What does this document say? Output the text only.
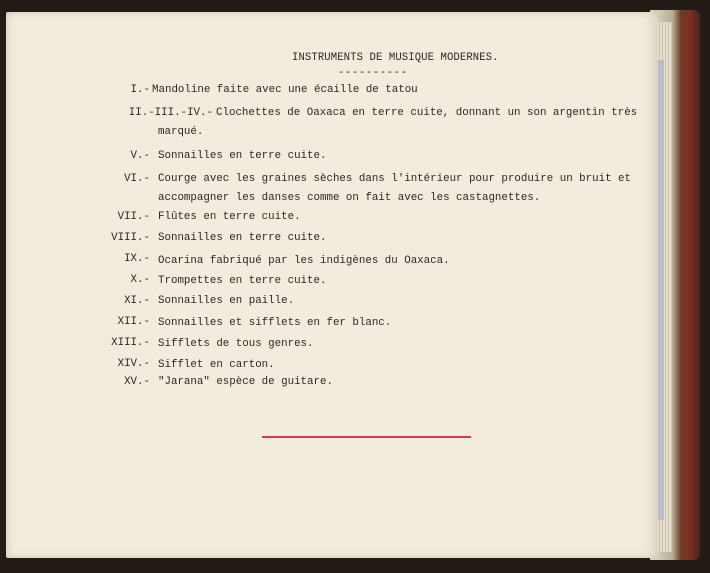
INSTRUMENTS DE MUSIQUE MODERNES.
----------
I.- Mandoline faite avec une écaille de tatou
II.-III.-IV.- Clochettes de Oaxaca en terre cuite, donnant un son argentin très
marqué.
V.- Sonnailles en terre cuite.
VI.- Courge avec les graines sèches dans l'intérieur pour produire un bruit et
accompagner les danses comme on fait avec les castagnettes.
VII.- Flûtes en terre cuite.
VIII.- Sonnailles en terre cuite.
IX.- Ocarina fabriqué par les indigènes du Oaxaca.
X.- Trompettes en terre cuite.
XI.- Sonnailles en paille.
XII.- Sonnailles et sifflets en fer blanc.
XIII.- Sifflets de tous genres.
XIV.- Sifflet en carton.
XV.- "Jarana" espèce de guitare.
